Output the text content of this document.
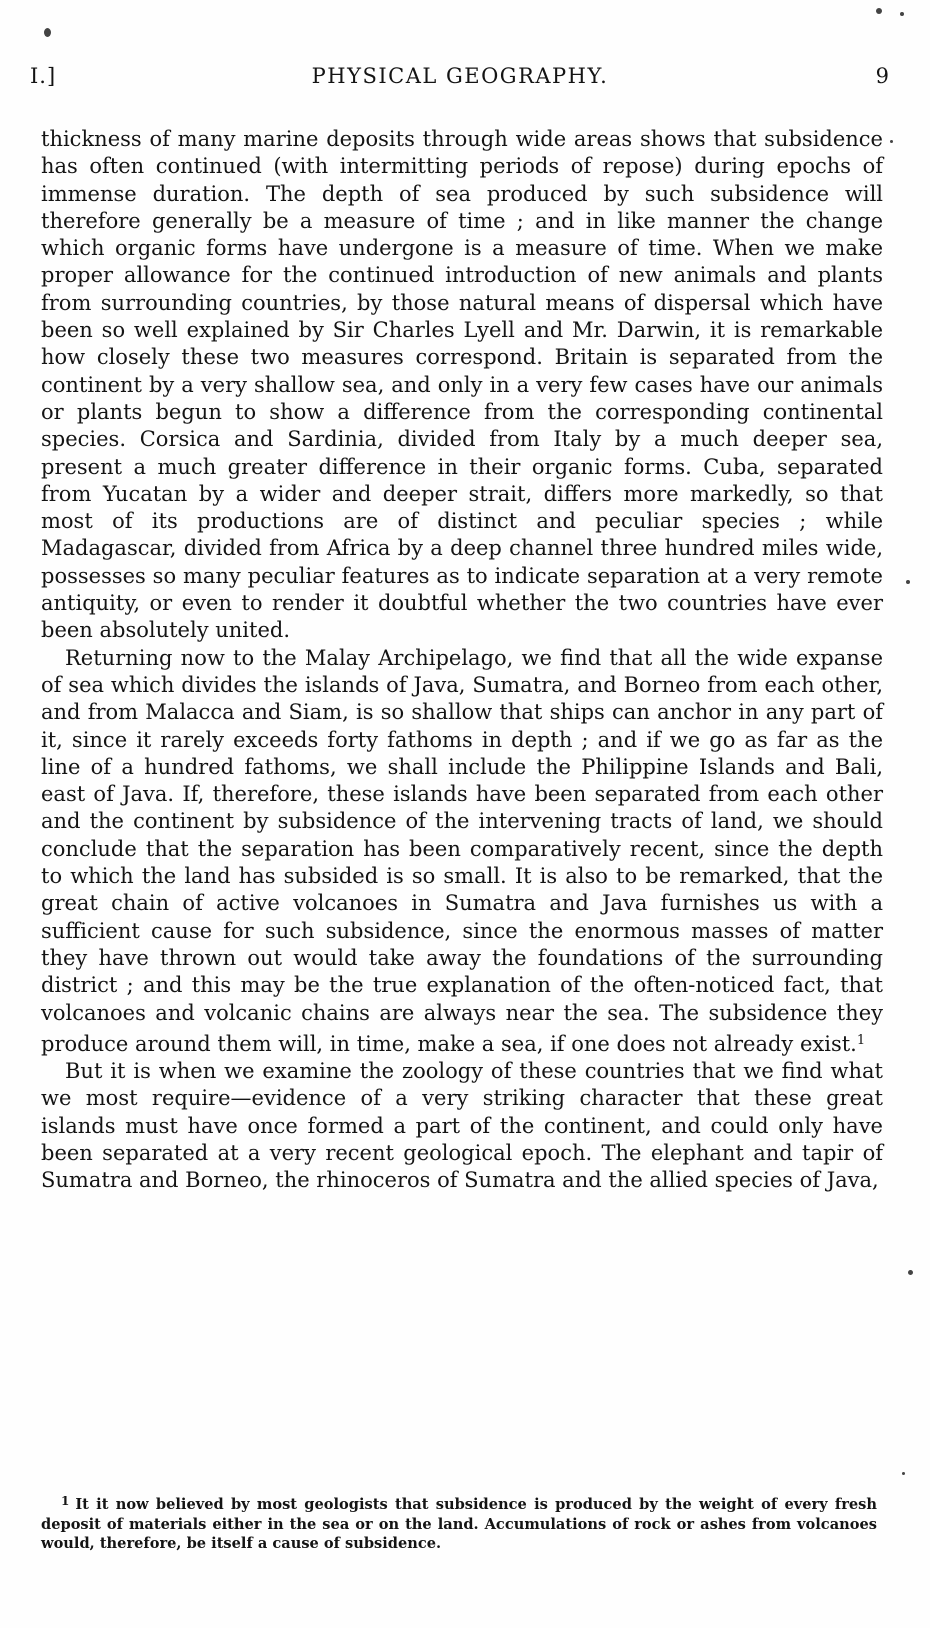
I.]	PHYSICAL GEOGRAPHY.	9

thickness of many marine deposits through wide areas shows that subsidence has often continued (with intermitting periods of repose) during epochs of immense duration. The depth of sea produced by such subsidence will therefore generally be a measure of time ; and in like manner the change which organic forms have undergone is a measure of time. When we make proper allowance for the continued introduction of new animals and plants from surrounding countries, by those natural means of dispersal which have been so well explained by Sir Charles Lyell and Mr. Darwin, it is remarkable how closely these two measures correspond. Britain is separated from the continent by a very shallow sea, and only in a very few cases have our animals or plants begun to show a difference from the corresponding continental species. Corsica and Sardinia, divided from Italy by a much deeper sea, present a much greater difference in their organic forms. Cuba, separated from Yucatan by a wider and deeper strait, differs more markedly, so that most of its productions are of distinct and peculiar species ; while Madagascar, divided from Africa by a deep channel three hundred miles wide, possesses so many peculiar features as to indicate separation at a very remote antiquity, or even to render it doubtful whether the two countries have ever been absolutely united.

Returning now to the Malay Archipelago, we find that all the wide expanse of sea which divides the islands of Java, Sumatra, and Borneo from each other, and from Malacca and Siam, is so shallow that ships can anchor in any part of it, since it rarely exceeds forty fathoms in depth ; and if we go as far as the line of a hundred fathoms, we shall include the Philippine Islands and Bali, east of Java. If, therefore, these islands have been separated from each other and the continent by subsidence of the intervening tracts of land, we should conclude that the separation has been comparatively recent, since the depth to which the land has subsided is so small. It is also to be remarked, that the great chain of active volcanoes in Sumatra and Java furnishes us with a sufficient cause for such subsidence, since the enormous masses of matter they have thrown out would take away the foundations of the surrounding district ; and this may be the true explanation of the often-noticed fact, that volcanoes and volcanic chains are always near the sea. The subsidence they produce around them will, in time, make a sea, if one does not already exist.$^1$

But it is when we examine the zoology of these countries that we find what we most require—evidence of a very striking character that these great islands must have once formed a part of the continent, and could only have been separated at a very recent geological epoch. The elephant and tapir of Sumatra and Borneo, the rhinoceros of Sumatra and the allied species of Java,

$^1$ It it now believed by most geologists that subsidence is produced by the weight of every fresh deposit of materials either in the sea or on the land. Accumulations of rock or ashes from volcanoes would, therefore, be itself a cause of subsidence.
